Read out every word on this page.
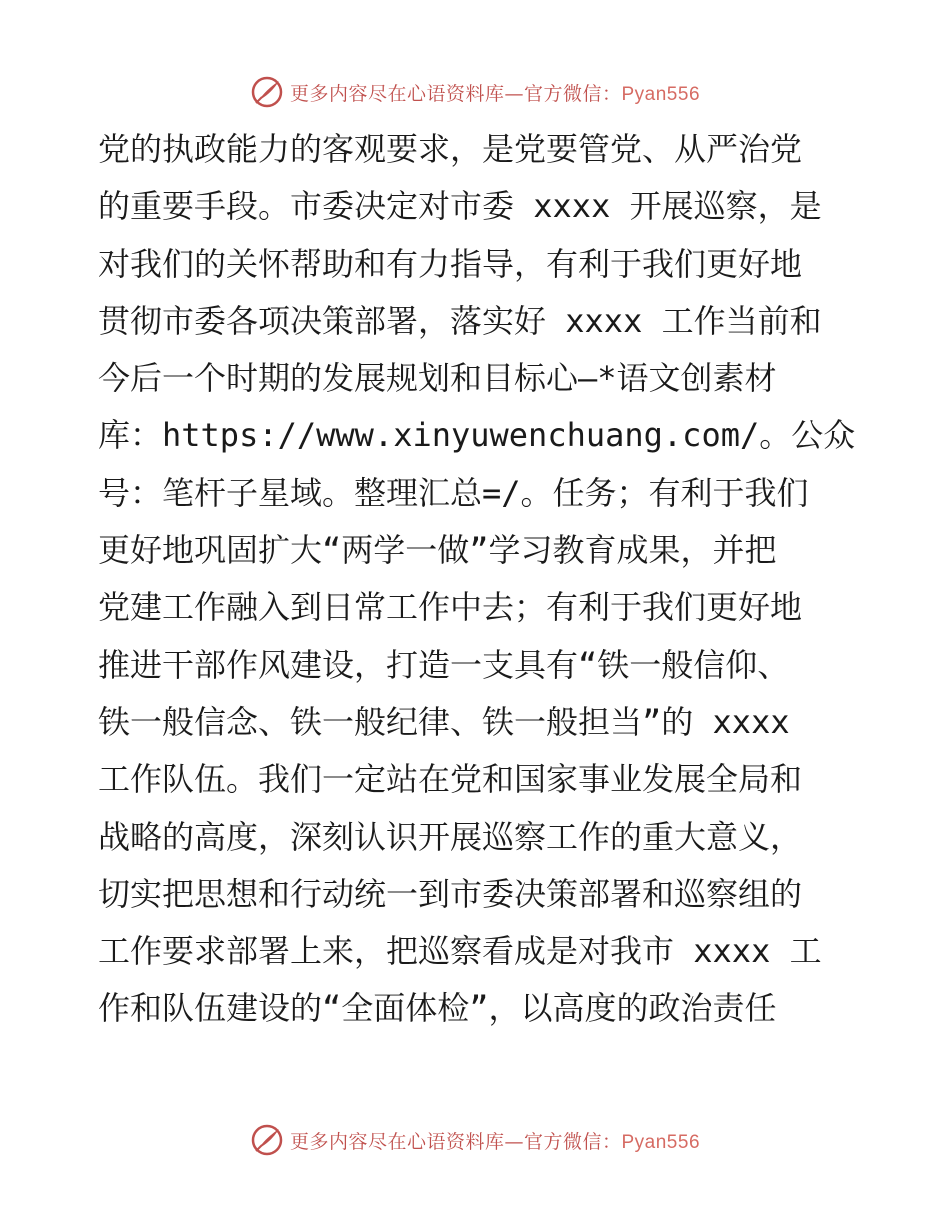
更多内容尽在心语资料库—官方微信：Pyan556
党的执政能力的客观要求，是党要管党、从严治党
的重要手段。市委决定对市委 xxxx 开展巡察，是
对我们的关怀帮助和有力指导，有利于我们更好地
贯彻市委各项决策部署，落实好 xxxx 工作当前和
今后一个时期的发展规划和目标心—*语文创素材
库：https://www.xinyuwenchuang.com/。公众
号：笔杆子星域。整理汇总=/。任务；有利于我们
更好地巩固扩大“两学一做”学习教育成果，并把
党建工作融入到日常工作中去；有利于我们更好地
推进干部作风建设，打造一支具有“铁一般信仰、
铁一般信念、铁一般纪律、铁一般担当”的 xxxx
工作队伍。我们一定站在党和国家事业发展全局和
战略的高度，深刻认识开展巡察工作的重大意义，
切实把思想和行动统一到市委决策部署和巡察组的
工作要求部署上来，把巡察看成是对我市 xxxx 工
作和队伍建设的“全面体检”，以高度的政治责任
更多内容尽在心语资料库—官方微信：Pyan556
